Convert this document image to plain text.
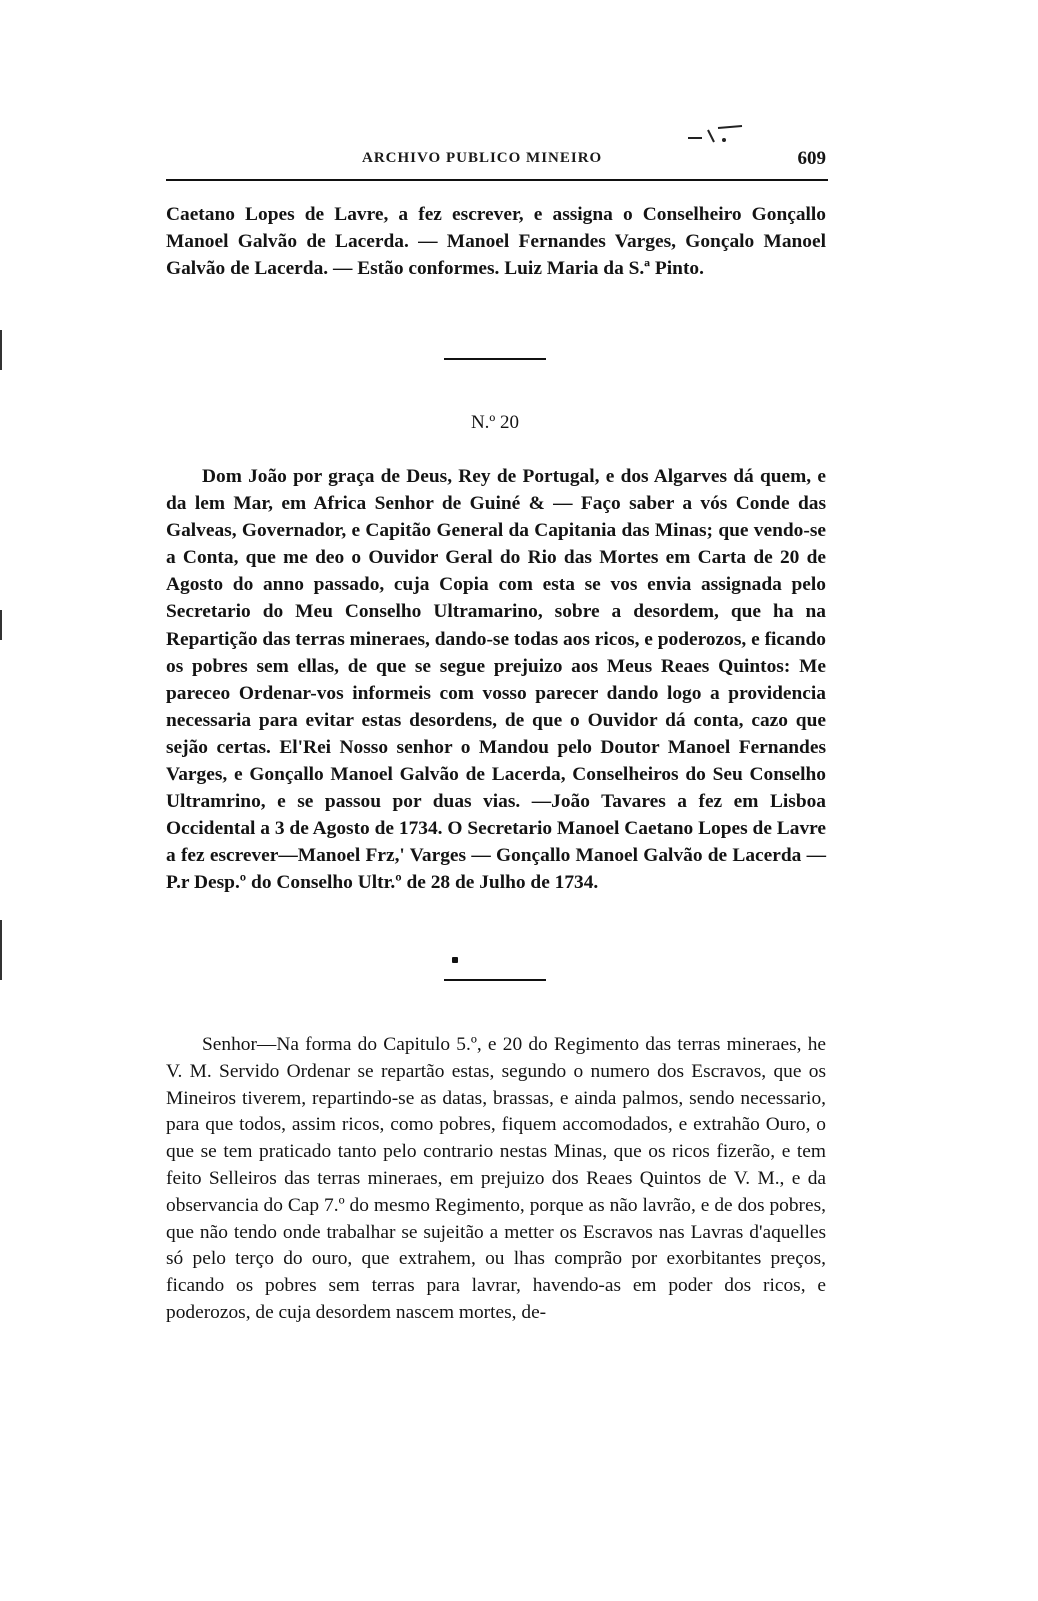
ARCHIVO PUBLICO MINEIRO	609

Caetano Lopes de Lavre, a fez escrever, e assigna o Conselheiro Gonçallo Manoel Galvão de Lacerda. — Manoel Fernandes Varges, Gonçalo Manoel Galvão de Lacerda. — Estão conformes. Luiz Maria da S.ª Pinto.

N.º 20

Dom João por graça de Deus, Rey de Portugal, e dos Algarves dá quem, e da lem Mar, em Africa Senhor de Guiné & — Faço saber a vós Conde das Galveas, Governador, e Capitão General da Capitania das Minas; que vendo-se a Conta, que me deo o Ouvidor Geral do Rio das Mortes em Carta de 20 de Agosto do anno passado, cuja Copia com esta se vos envia assignada pelo Secretario do Meu Conselho Ultramarino, sobre a desordem, que ha na Repartição das terras mineraes, dando-se todas aos ricos, e poderozos, e ficando os pobres sem ellas, de que se segue prejuizo aos Meus Reaes Quintos: Me pareceo Ordenar-vos informeis com vosso parecer dando logo a providencia necessaria para evitar estas desordens, de que o Ouvidor dá conta, cazo que sejão certas. El'Rei Nosso senhor o Mandou pelo Doutor Manoel Fernandes Varges, e Gonçallo Manoel Galvão de Lacerda, Conselheiros do Seu Conselho Ultramrino, e se passou por duas vias. —João Tavares a fez em Lisboa Occidental a 3 de Agosto de 1734. O Secretario Manoel Caetano Lopes de Lavre a fez escrever—Manoel Frz,' Varges — Gonçallo Manoel Galvão de Lacerda — P.r Desp.º do Conselho Ultr.º de 28 de Julho de 1734.

Senhor—Na forma do Capitulo 5.º, e 20 do Regimento das terras mineraes, he V. M. Servido Ordenar se repartão estas, segundo o numero dos Escravos, que os Mineiros tiverem, repartindo-se as datas, brassas, e ainda palmos, sendo necessario, para que todos, assim ricos, como pobres, fiquem accomodados, e extrahão Ouro, o que se tem praticado tanto pelo contrario nestas Minas, que os ricos fizerão, e tem feito Selleiros das terras mineraes, em prejuizo dos Reaes Quintos de V. M., e da observancia do Cap 7.º do mesmo Regimento, porque as não lavrão, e de dos pobres, que não tendo onde trabalhar se sujeitão a metter os Escravos nas Lavras d'aquelles só pelo terço do ouro, que extrahem, ou lhas comprão por exorbitantes preços, ficando os pobres sem terras para lavrar, havendo-as em poder dos ricos, e poderozos, de cuja desordem nascem mortes, de-
